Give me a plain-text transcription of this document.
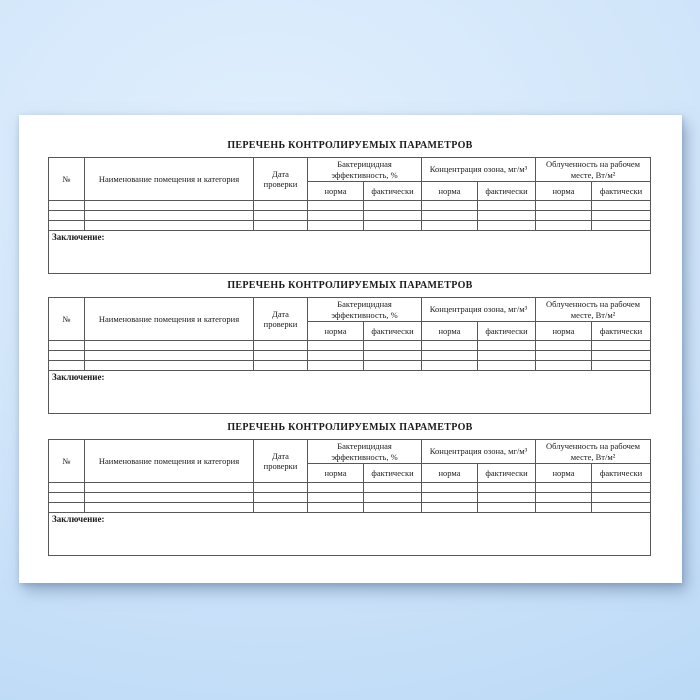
ПЕРЕЧЕНЬ КОНТРОЛИРУЕМЫХ ПАРАМЕТРОВ
№	Наименование помещения и категория	Дата проверки	Бактерицидная эффективность, %		Концентрация озона, мг/м³		Облученность на рабочем месте, Вт/м²	
			норма	фактически	норма	фактически	норма	фактически

Заключение:								
ПЕРЕЧЕНЬ КОНТРОЛИРУЕМЫХ ПАРАМЕТРОВ
№	Наименование помещения и категория	Дата проверки	Бактерицидная эффективность, %		Концентрация озона, мг/м³		Облученность на рабочем месте, Вт/м²	
			норма	фактически	норма	фактически	норма	фактически

Заключение:								
ПЕРЕЧЕНЬ КОНТРОЛИРУЕМЫХ ПАРАМЕТРОВ
№	Наименование помещения и категория	Дата проверки	Бактерицидная эффективность, %		Концентрация озона, мг/м³		Облученность на рабочем месте, Вт/м²	
			норма	фактически	норма	фактически	норма	фактически

Заключение:								
